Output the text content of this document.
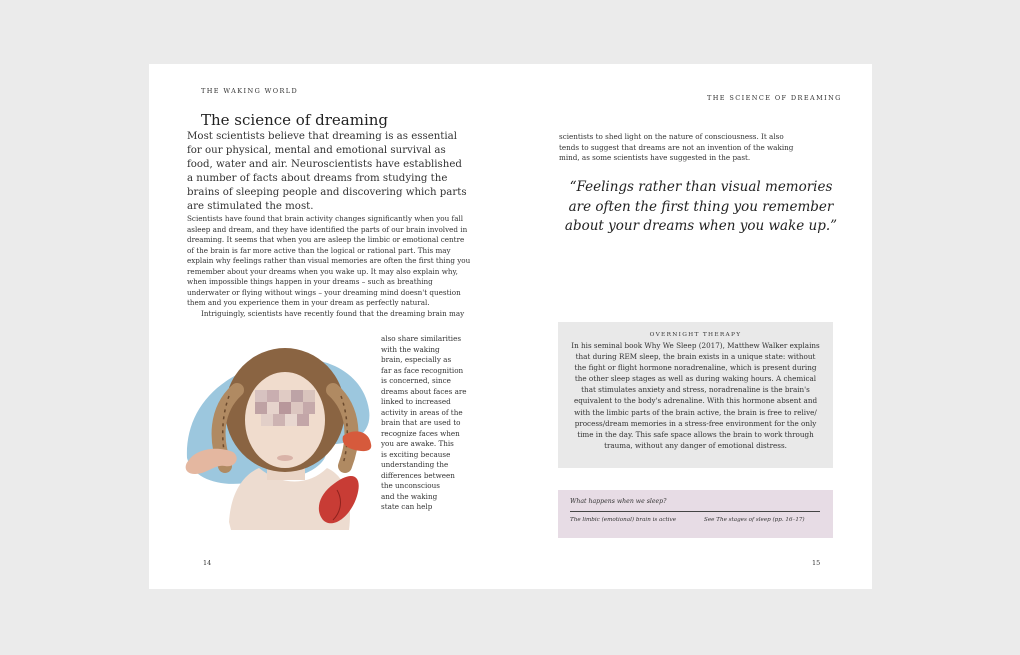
THE WAKING WORLD
The science of dreaming
Most scientists believe that dreaming is as essential for our physical, mental and emotional survival as food, water and air. Neuroscientists have established a number of facts about dreams from studying the brains of sleeping people and discovering which parts are stimulated the most.

Scientists have found that brain activity changes significantly when you fall asleep and dream, and they have identified the parts of our brain involved in dreaming. It seems that when you are asleep the limbic or emotional centre of the brain is far more active than the logical or rational part. This may explain why feelings rather than visual memories are often the first thing you remember about your dreams when you wake up. It may also explain why, when impossible things happen in your dreams – such as breathing underwater or flying without wings – your dreaming mind doesn't question them and you experience them in your dream as perfectly natural.

Intriguingly, scientists have recently found that the dreaming brain may

also share similarities
with the waking
brain, especially as
far as face recognition
is concerned, since
dreams about faces are
linked to increased
activity in areas of the
brain that are used to
recognize faces when
you are awake. This
is exciting because
understanding the
differences between
the unconscious
and the waking
state can help
14
THE SCIENCE OF DREAMING
scientists to shed light on the nature of consciousness. It also
tends to suggest that dreams are not an invention of the waking
mind, as some scientists have suggested in the past.
“Feelings rather than visual memories
are often the first thing you remember
about your dreams when you wake up.”
OVERNIGHT THERAPY
In his seminal book Why We Sleep (2017), Matthew Walker explains
that during REM sleep, the brain exists in a unique state: without
the fight or flight hormone noradrenaline, which is present during
the other sleep stages as well as during waking hours. A chemical
that stimulates anxiety and stress, noradrenaline is the brain's
equivalent to the body's adrenaline. With this hormone absent and
with the limbic parts of the brain active, the brain is free to relive/
process/dream memories in a stress-free environment for the only
time in the day. This safe space allows the brain to work through
trauma, without any danger of emotional distress.
What happens when we sleep?
The limbic (emotional) brain is active	See The stages of sleep (pp. 16–17)
15
